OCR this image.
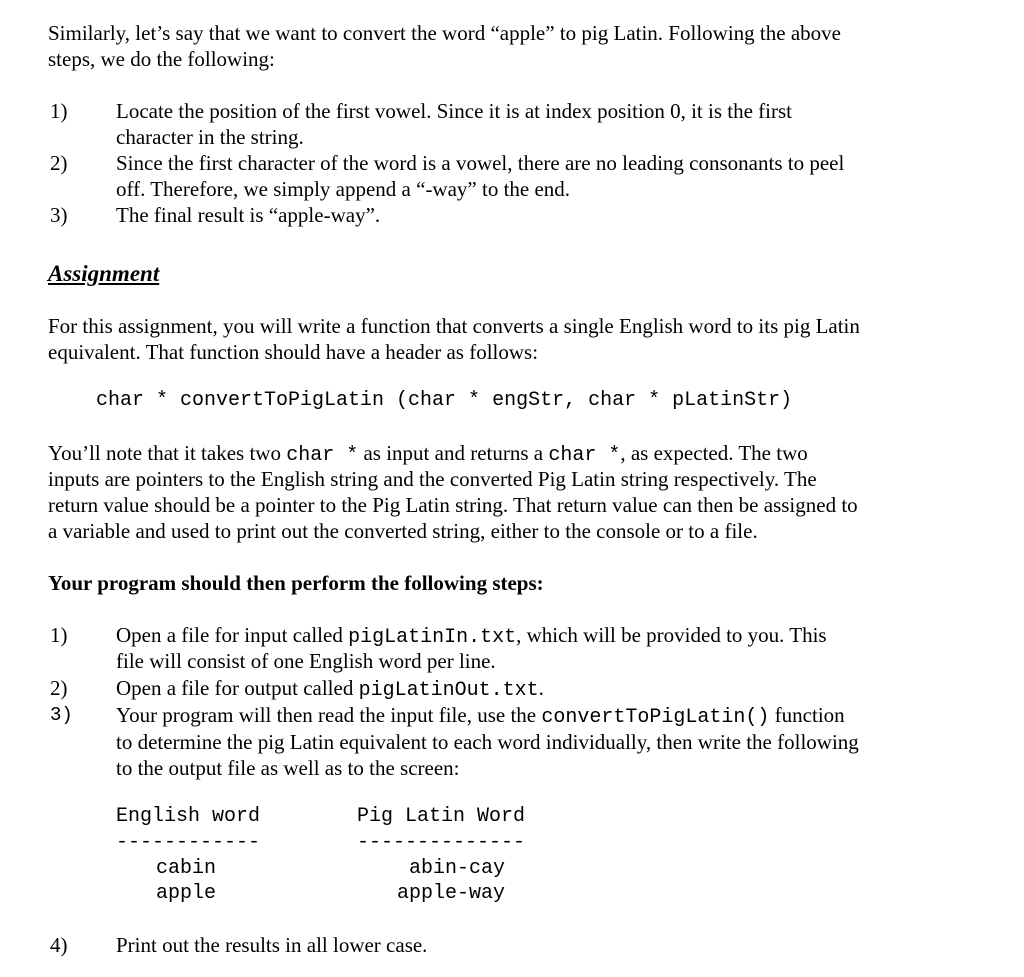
Similarly, let’s say that we want to convert the word “apple” to pig Latin. Following the above
steps, we do the following:
1) Locate the position of the first vowel. Since it is at index position 0, it is the first
character in the string.
2) Since the first character of the word is a vowel, there are no leading consonants to peel
off. Therefore, we simply append a “-way” to the end.
3) The final result is “apple-way”.
Assignment
For this assignment, you will write a function that converts a single English word to its pig Latin
equivalent. That function should have a header as follows:
char * convertToPigLatin (char * engStr, char * pLatinStr)
You’ll note that it takes two char * as input and returns a char *, as expected. The two
inputs are pointers to the English string and the converted Pig Latin string respectively. The
return value should be a pointer to the Pig Latin string. That return value can then be assigned to
a variable and used to print out the converted string, either to the console or to a file.
Your program should then perform the following steps:
1) Open a file for input called pigLatinIn.txt, which will be provided to you. This
file will consist of one English word per line.
2) Open a file for output called pigLatinOut.txt.
3) Your program will then read the input file, use the convertToPigLatin() function
to determine the pig Latin equivalent to each word individually, then write the following
to the output file as well as to the screen:
English word	Pig Latin Word
------------	--------------
cabin	abin-cay
apple	apple-way
4) Print out the results in all lower case.
